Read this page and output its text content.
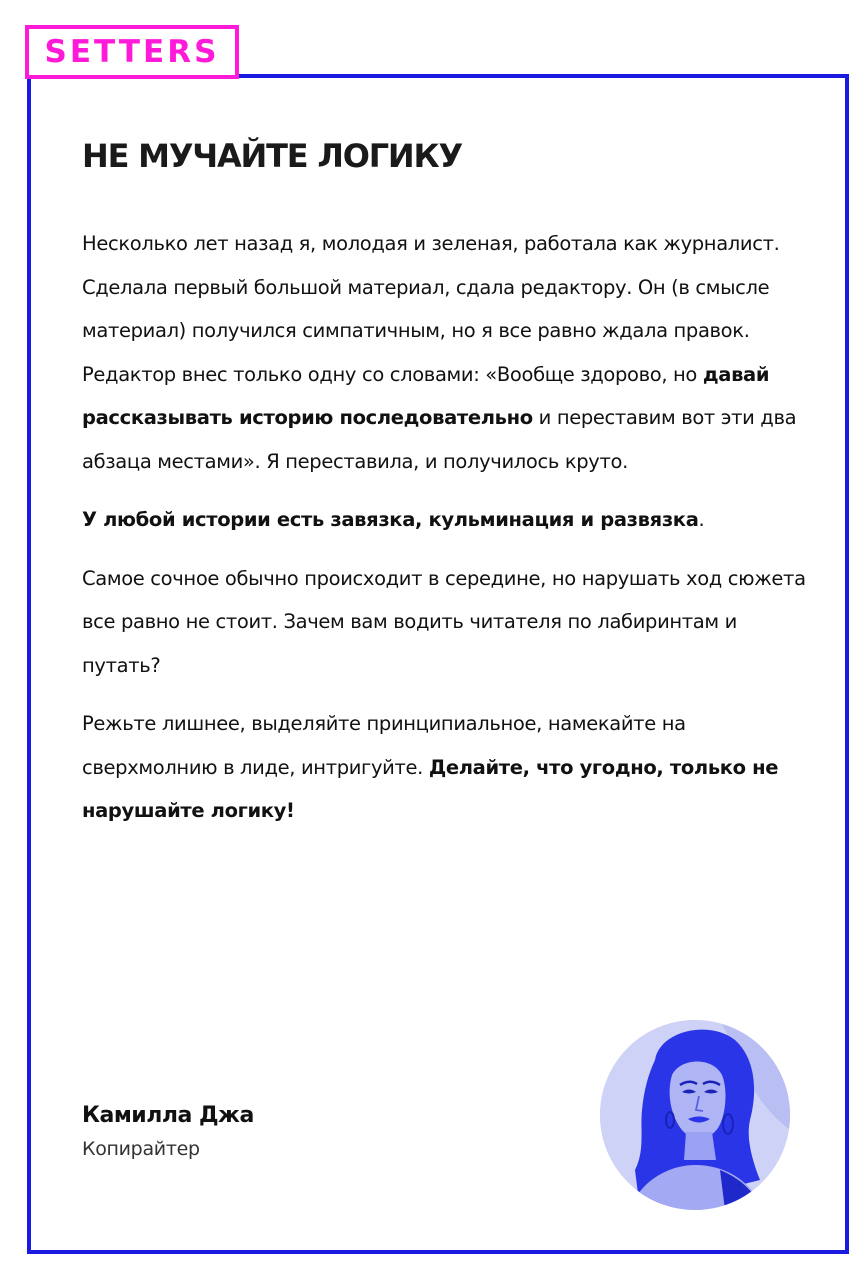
SETTERS
НЕ МУЧАЙТЕ ЛОГИКУ

Несколько лет назад я, молодая и зеленая, работала как журналист. Сделала первый большой материал, сдала редактору. Он (в смысле материал) получился симпатичным, но я все равно ждала правок. Редактор внес только одну со словами: «Вообще здорово, но давай рассказывать историю последовательно и переставим вот эти два абзаца местами». Я переставила, и получилось круто.

У любой истории есть завязка, кульминация и развязка.

Самое сочное обычно происходит в середине, но нарушать ход сюжета все равно не стоит. Зачем вам водить читателя по лабиринтам и путать?

Режьте лишнее, выделяйте принципиальное, намекайте на сверхмолнию в лиде, интригуйте. Делайте, что угодно, только не нарушайте логику!

Камилла Джа
Копирайтер
